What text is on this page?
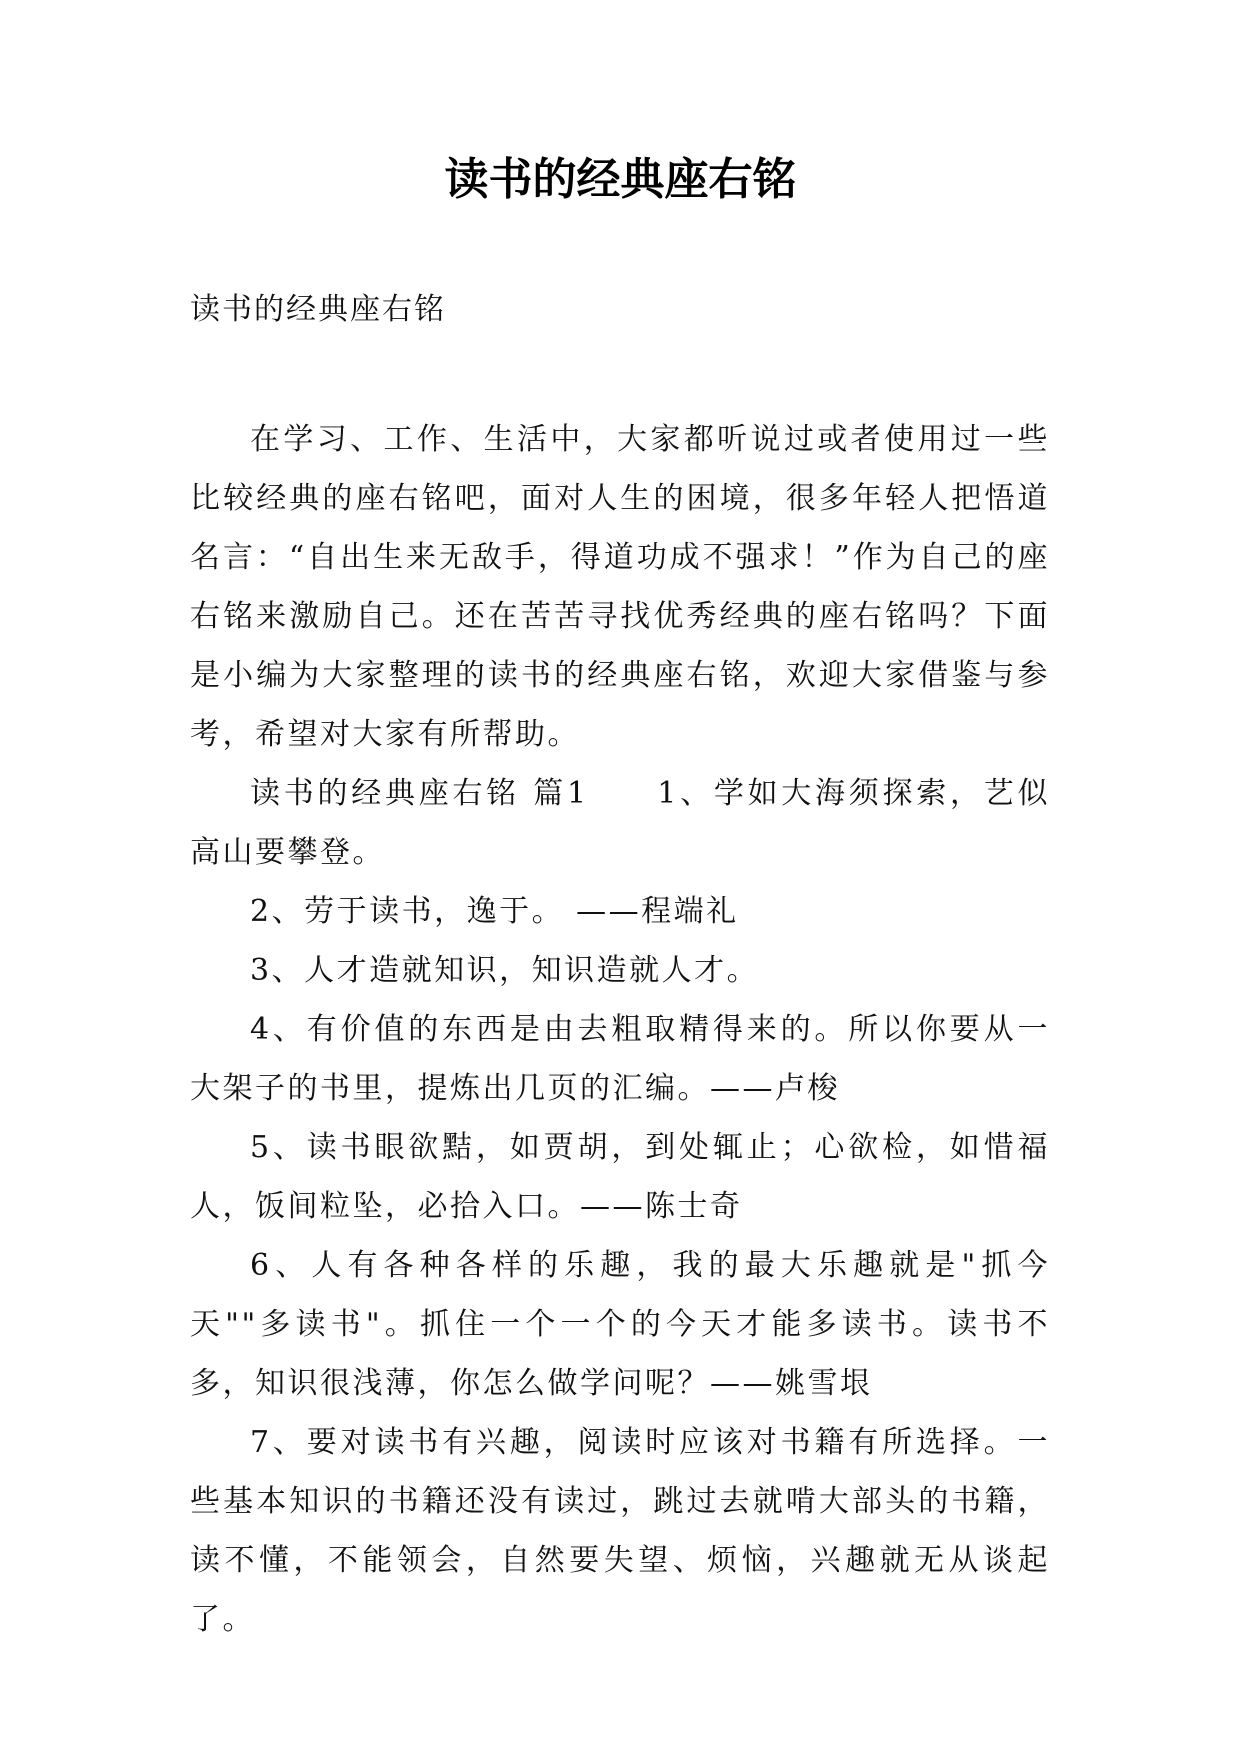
读书的经典座右铭

读书的经典座右铭

在学习、工作、生活中，大家都听说过或者使用过一些比较经典的座右铭吧，面对人生的困境，很多年轻人把悟道名言：“自出生来无敌手，得道功成不强求！”作为自己的座右铭来激励自己。还在苦苦寻找优秀经典的座右铭吗？下面是小编为大家整理的读书的经典座右铭，欢迎大家借鉴与参考，希望对大家有所帮助。

读书的经典座右铭 篇1　　1、学如大海须探索，艺似高山要攀登。

2、劳于读书，逸于。 ——程端礼

3、人才造就知识，知识造就人才。

4、有价值的东西是由去粗取精得来的。所以你要从一大架子的书里，提炼出几页的汇编。——卢梭

5、读书眼欲黠，如贾胡，到处辄止；心欲检，如惜福人，饭间粒坠，必拾入口。——陈士奇

6、人有各种各样的乐趣，我的最大乐趣就是"抓今天""多读书"。抓住一个一个的今天才能多读书。读书不多，知识很浅薄，你怎么做学问呢？——姚雪垠

7、要对读书有兴趣，阅读时应该对书籍有所选择。一些基本知识的书籍还没有读过，跳过去就啃大部头的书籍，读不懂，不能领会，自然要失望、烦恼，兴趣就无从谈起了。
